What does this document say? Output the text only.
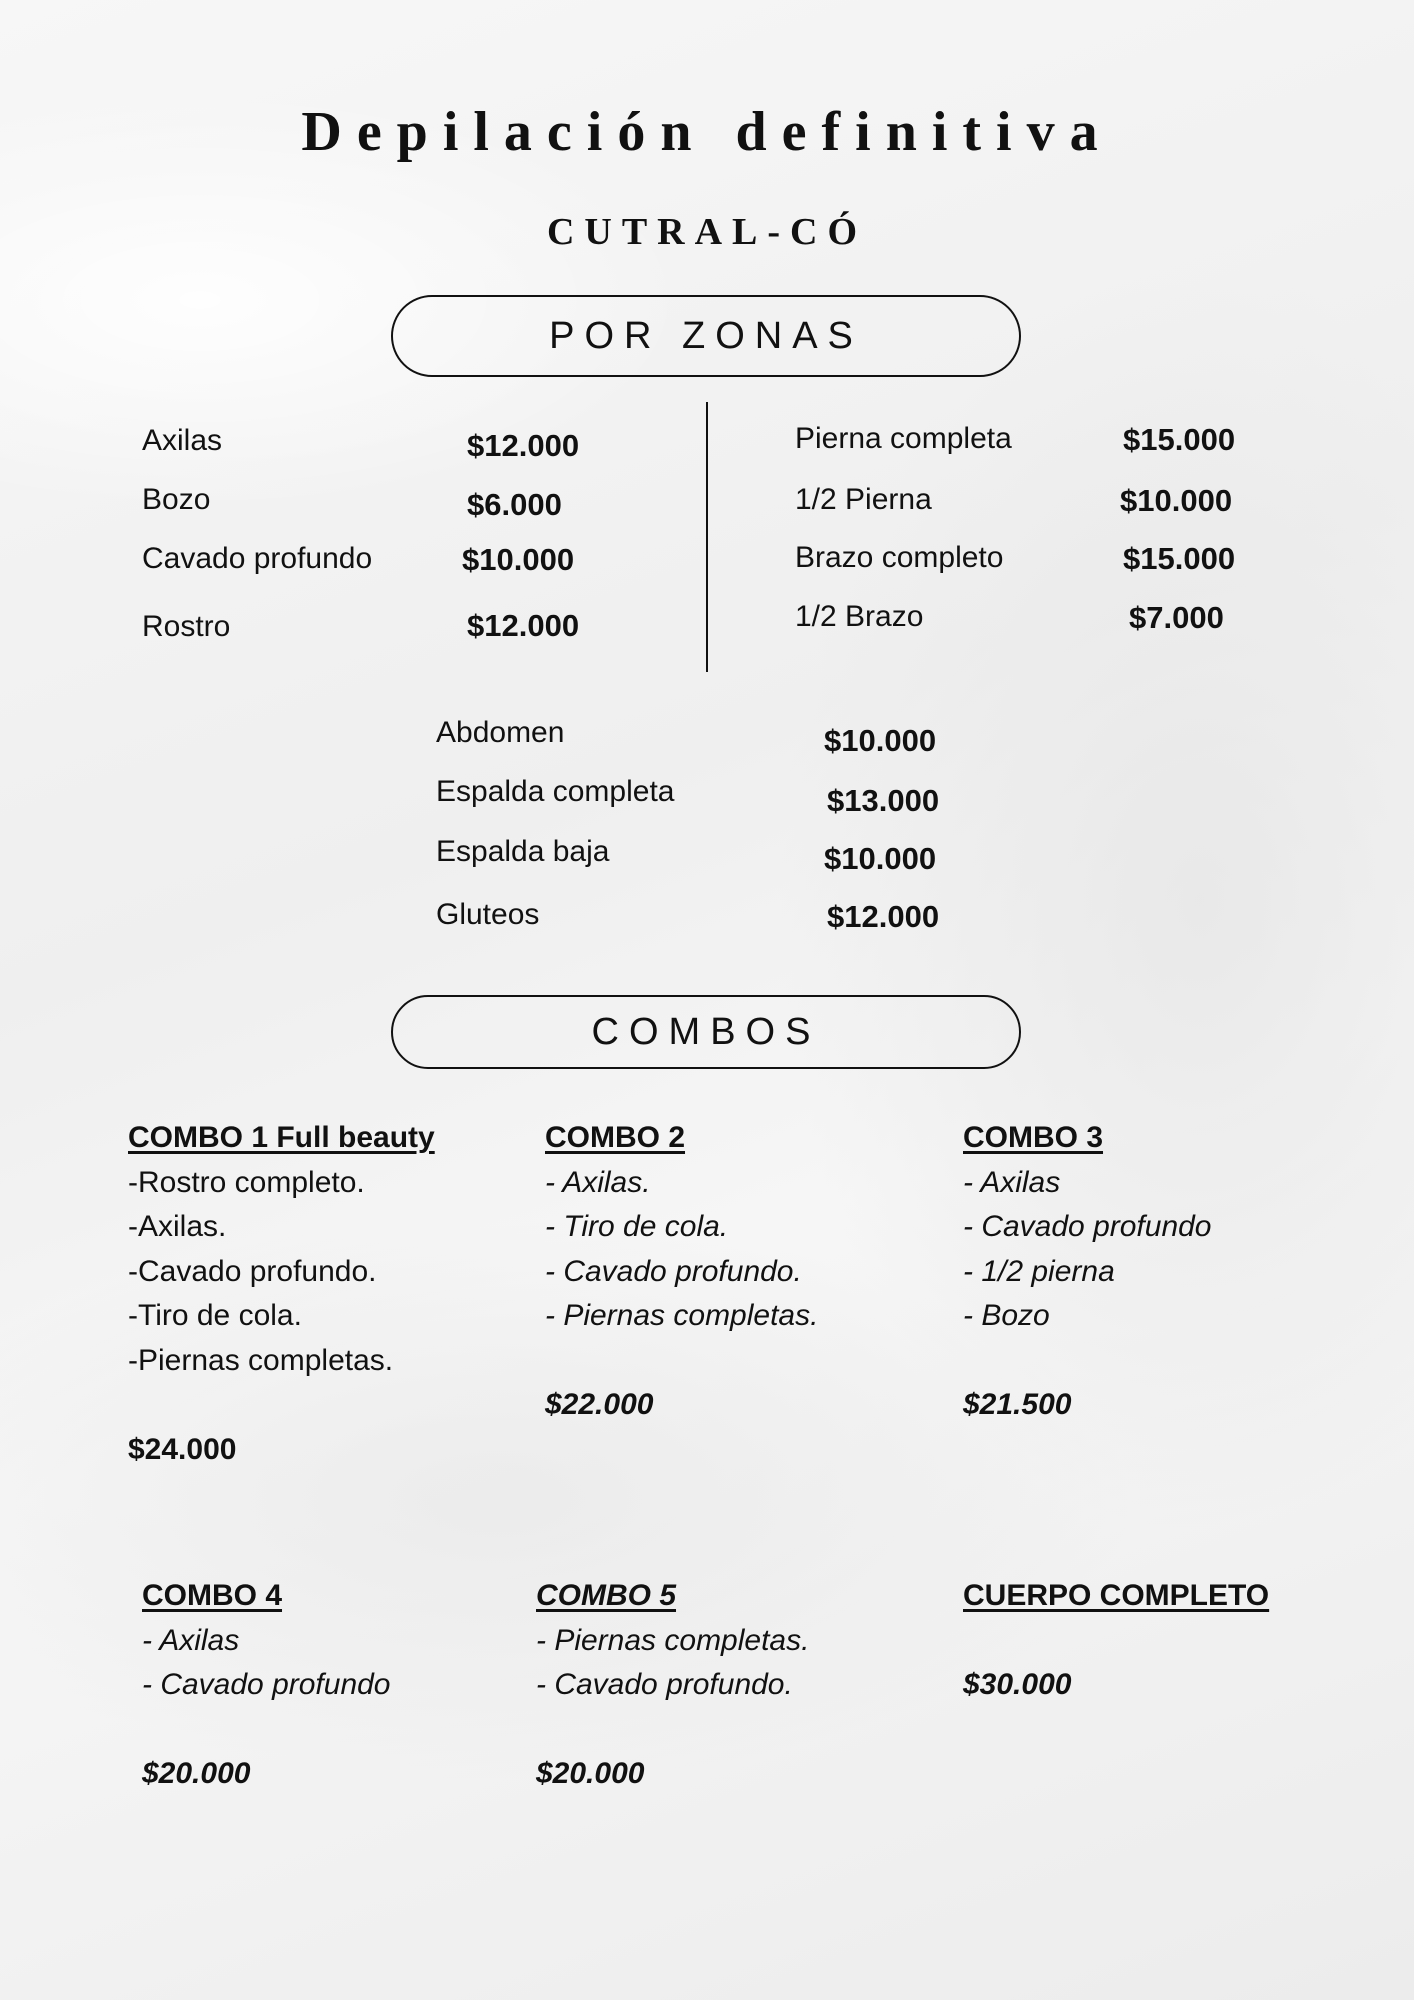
Depilación definitiva
CUTRAL-CÓ
POR ZONAS
Axilas	$12.000
Bozo	$6.000
Cavado profundo	$10.000
Rostro	$12.000
Pierna completa	$15.000
1/2 Pierna	$10.000
Brazo completo	$15.000
1/2 Brazo	$7.000
Abdomen	$10.000
Espalda completa	$13.000
Espalda baja	$10.000
Gluteos	$12.000
COMBOS
COMBO 1 Full beauty
-Rostro completo.
-Axilas.
-Cavado profundo.
-Tiro de cola.
-Piernas completas.
$24.000
COMBO 2
- Axilas.
- Tiro de cola.
- Cavado profundo.
- Piernas completas.
$22.000
COMBO 3
- Axilas
- Cavado profundo
- 1/2 pierna
- Bozo
$21.500
COMBO 4
- Axilas
- Cavado profundo
$20.000
COMBO 5
- Piernas completas.
- Cavado profundo.
$20.000
CUERPO COMPLETO
$30.000
